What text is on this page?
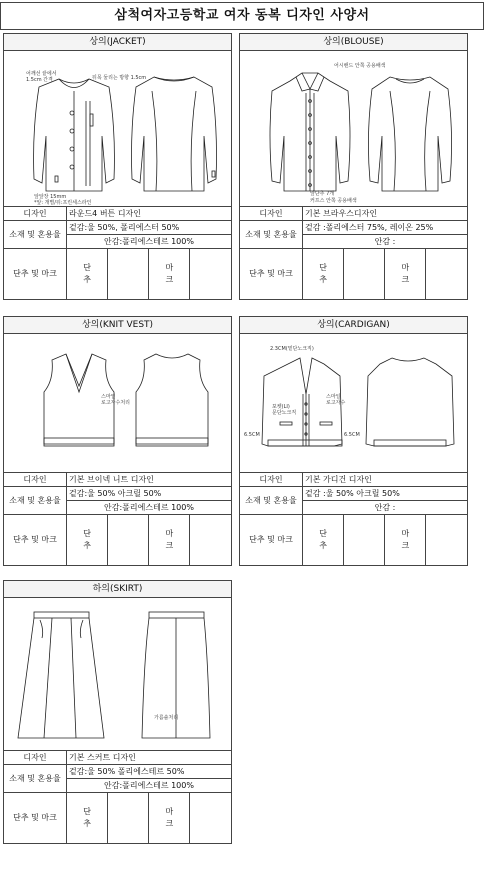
삼척여자고등학교 여자 동복 디자인 사양서
상의(JACKET)
어깨선 끝에서
1.5cm 간격	뒤목 둘리는 방향 1.5cm
앞앞장 15mm
*앞: 개별/뒤:프린세스라인
디자인	라운드4 버튼 디자인			
소재 및 혼용율	겉감:울 50%, 폴리에스터 50%			
	안감:폴리에스테르 100%			
단추 및 마크	단
추		마
크	
상의(BLOUSE)
어시밴드 안쪽 공용배색
앞단추 7개
커프스 안쪽 공용배색
디자인	기본 브라우스디자인			
소재 및 혼용율	겉감 :폴리에스터 75%, 레이온 25%			
	안감 :			
단추 및 마크	단
추		마
크	
상의(KNIT VEST)
스마일
로고자수처리
디자인	기본 브이넥 니트 디자인			
소재 및 혼용율	겉감:울 50% 아크릴 50%			
	안감:폴리에스테르 100%			
단추 및 마크	단
추		마
크	
상의(CARDIGAN)
2.3CM(밑단노크직)
스마일
로고자수
포켓(LI)
문단노크직
6.5CM	6.5CM
디자인	기본 가디건 디자인			
소재 및 혼용율	겉감 :울 50% 아크릴 50%			
	안감 :			
단추 및 마크	단
추		마
크	
하의(SKIRT)
가름솔처리
디자인	기본 스커트 디자인			
소재 및 혼용율	겉감:울 50% 폴리에스테르 50%			
	안감:폴리에스테르 100%			
단추 및 마크	단
추		마
크	
